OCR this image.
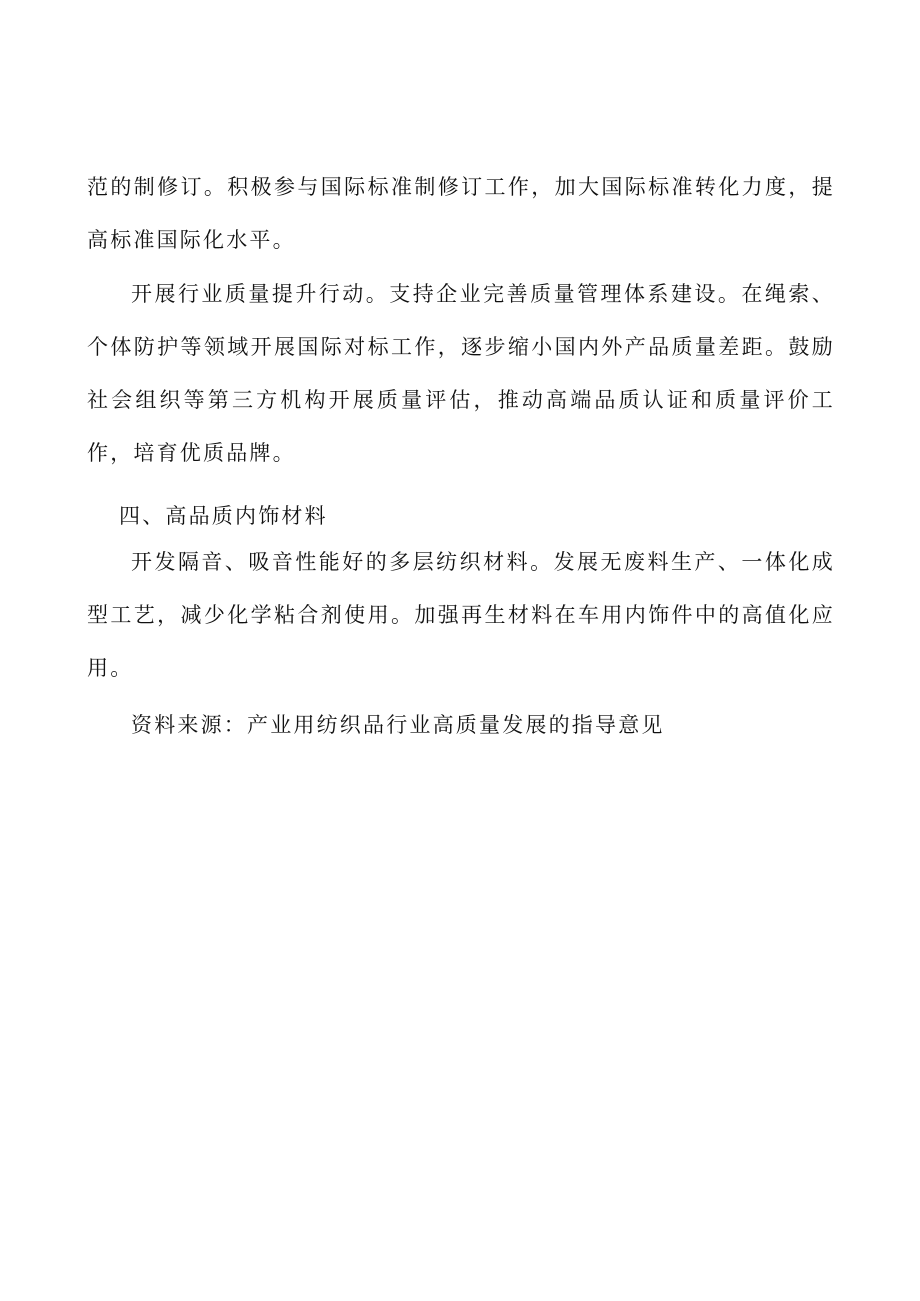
范的制修订。积极参与国际标准制修订工作，加大国际标准转化力度，提高标准国际化水平。

开展行业质量提升行动。支持企业完善质量管理体系建设。在绳索、个体防护等领域开展国际对标工作，逐步缩小国内外产品质量差距。鼓励社会组织等第三方机构开展质量评估，推动高端品质认证和质量评价工作，培育优质品牌。

四、高品质内饰材料

开发隔音、吸音性能好的多层纺织材料。发展无废料生产、一体化成型工艺，减少化学粘合剂使用。加强再生材料在车用内饰件中的高值化应用。

资料来源：产业用纺织品行业高质量发展的指导意见
